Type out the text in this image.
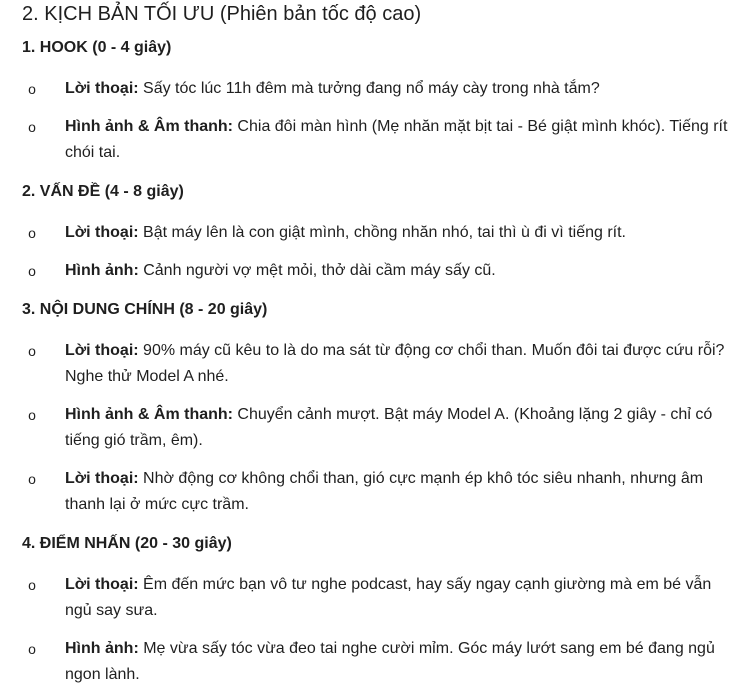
2. KỊCH BẢN TỐI ƯU (Phiên bản tốc độ cao)
1. HOOK (0 - 4 giây)
o	Lời thoại: Sấy tóc lúc 11h đêm mà tưởng đang nổ máy cày trong nhà tắm?
o	Hình ảnh & Âm thanh: Chia đôi màn hình (Mẹ nhăn mặt bịt tai - Bé giật mình khóc). Tiếng rít chói tai.
2. VẤN ĐỀ (4 - 8 giây)
o	Lời thoại: Bật máy lên là con giật mình, chồng nhăn nhó, tai thì ù đi vì tiếng rít.
o	Hình ảnh: Cảnh người vợ mệt mỏi, thở dài cầm máy sấy cũ.
3. NỘI DUNG CHÍNH (8 - 20 giây)
o	Lời thoại: 90% máy cũ kêu to là do ma sát từ động cơ chổi than. Muốn đôi tai được cứu rỗi? Nghe thử Model A nhé.
o	Hình ảnh & Âm thanh: Chuyển cảnh mượt. Bật máy Model A. (Khoảng lặng 2 giây - chỉ có tiếng gió trầm, êm).
o	Lời thoại: Nhờ động cơ không chổi than, gió cực mạnh ép khô tóc siêu nhanh, nhưng âm thanh lại ở mức cực trầm.
4. ĐIỂM NHẤN (20 - 30 giây)
o	Lời thoại: Êm đến mức bạn vô tư nghe podcast, hay sấy ngay cạnh giường mà em bé vẫn ngủ say sưa.
o	Hình ảnh: Mẹ vừa sấy tóc vừa đeo tai nghe cười mỉm. Góc máy lướt sang em bé đang ngủ ngon lành.
